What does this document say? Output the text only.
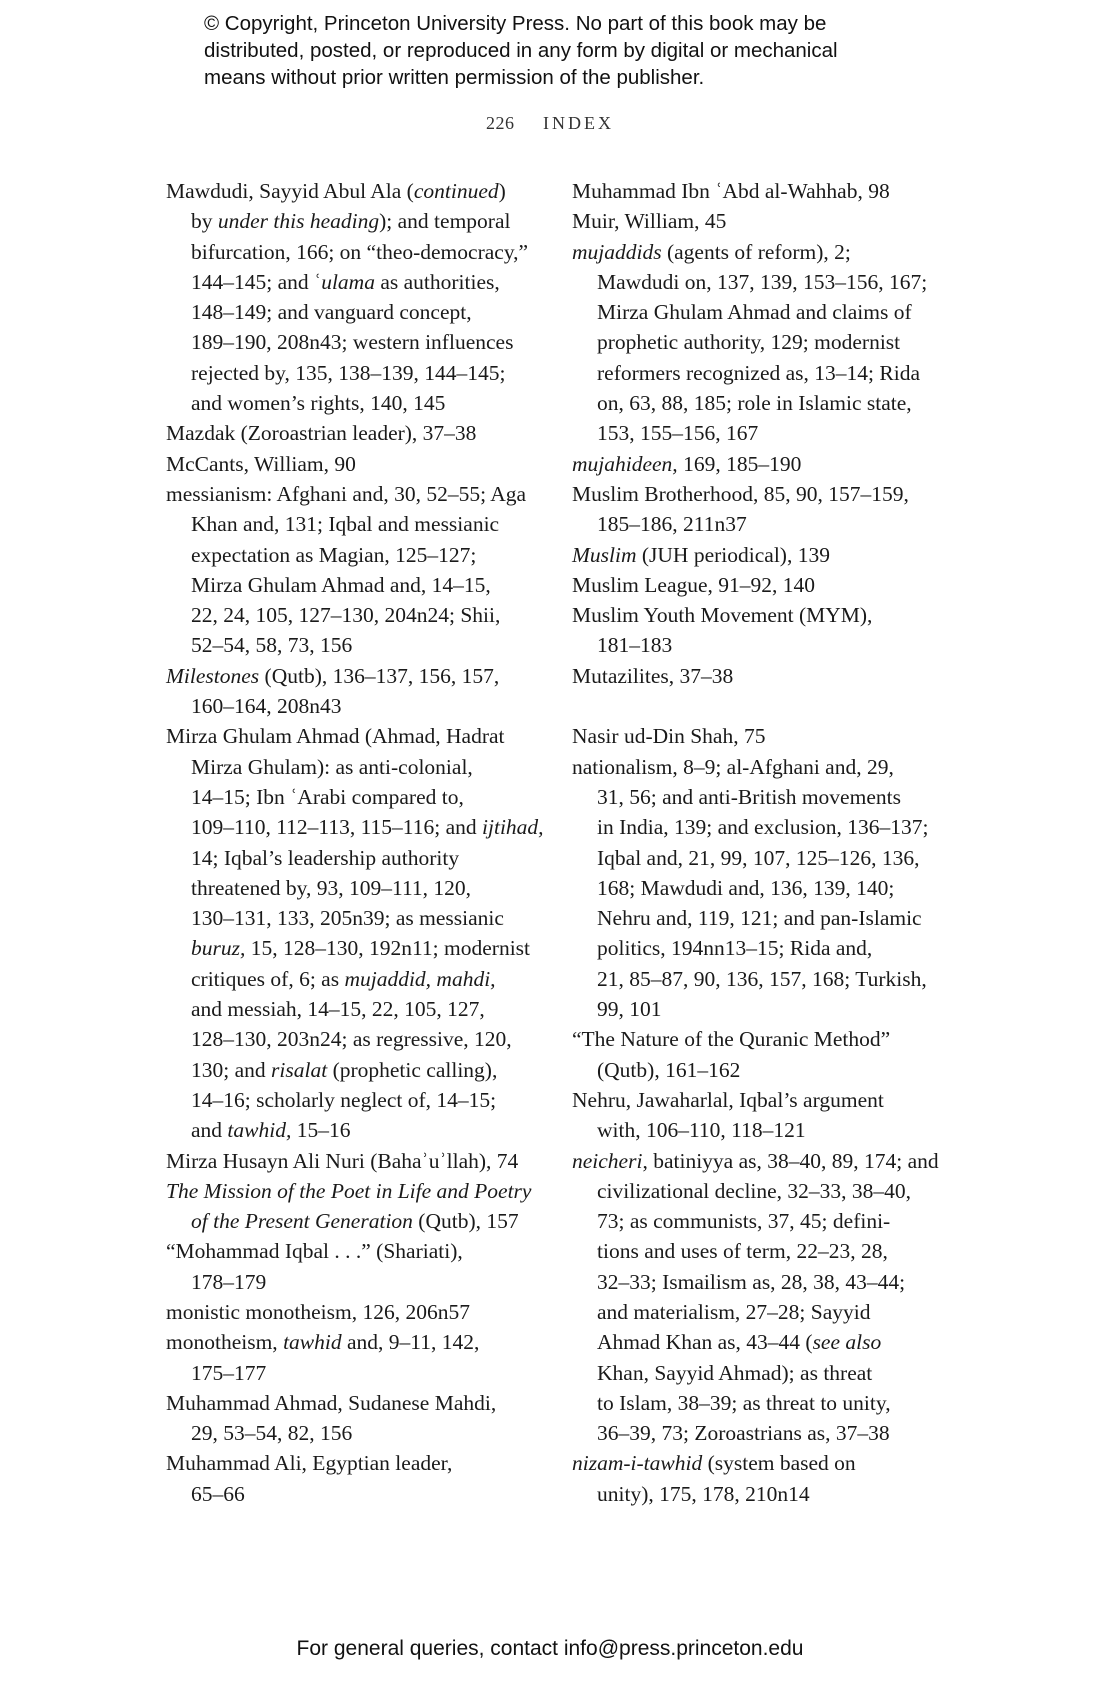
© Copyright, Princeton University Press. No part of this book may be
distributed, posted, or reproduced in any form by digital or mechanical
means without prior written permission of the publisher.
226 INDEX
Mawdudi, Sayyid Abul Ala (continued)
by under this heading); and temporal
bifurcation, 166; on “theo-democracy,”
144–145; and ʿulama as authorities,
148–149; and vanguard concept,
189–190, 208n43; western influences
rejected by, 135, 138–139, 144–145;
and women’s rights, 140, 145
Mazdak (Zoroastrian leader), 37–38
McCants, William, 90
messianism: Afghani and, 30, 52–55; Aga
Khan and, 131; Iqbal and messianic
expectation as Magian, 125–127;
Mirza Ghulam Ahmad and, 14–15,
22, 24, 105, 127–130, 204n24; Shii,
52–54, 58, 73, 156
Milestones (Qutb), 136–137, 156, 157,
160–164, 208n43
Mirza Ghulam Ahmad (Ahmad, Hadrat
Mirza Ghulam): as anti-colonial,
14–15; Ibn ʿArabi compared to,
109–110, 112–113, 115–116; and ijtihad,
14; Iqbal’s leadership authority
threatened by, 93, 109–111, 120,
130–131, 133, 205n39; as messianic
buruz, 15, 128–130, 192n11; modernist
critiques of, 6; as mujaddid, mahdi,
and messiah, 14–15, 22, 105, 127,
128–130, 203n24; as regressive, 120,
130; and risalat (prophetic calling),
14–16; scholarly neglect of, 14–15;
and tawhid, 15–16
Mirza Husayn Ali Nuri (Bahaʾuʾllah), 74
The Mission of the Poet in Life and Poetry
of the Present Generation (Qutb), 157
“Mohammad Iqbal . . .” (Shariati),
178–179
monistic monotheism, 126, 206n57
monotheism, tawhid and, 9–11, 142,
175–177
Muhammad Ahmad, Sudanese Mahdi,
29, 53–54, 82, 156
Muhammad Ali, Egyptian leader,
65–66
Muhammad Ibn ʿAbd al-Wahhab, 98
Muir, William, 45
mujaddids (agents of reform), 2;
Mawdudi on, 137, 139, 153–156, 167;
Mirza Ghulam Ahmad and claims of
prophetic authority, 129; modernist
reformers recognized as, 13–14; Rida
on, 63, 88, 185; role in Islamic state,
153, 155–156, 167
mujahideen, 169, 185–190
Muslim Brotherhood, 85, 90, 157–159,
185–186, 211n37
Muslim (JUH periodical), 139
Muslim League, 91–92, 140
Muslim Youth Movement (MYM),
181–183
Mutazilites, 37–38
Nasir ud-Din Shah, 75
nationalism, 8–9; al-Afghani and, 29,
31, 56; and anti-British movements
in India, 139; and exclusion, 136–137;
Iqbal and, 21, 99, 107, 125–126, 136,
168; Mawdudi and, 136, 139, 140;
Nehru and, 119, 121; and pan-Islamic
politics, 194nn13–15; Rida and,
21, 85–87, 90, 136, 157, 168; Turkish,
99, 101
“The Nature of the Quranic Method”
(Qutb), 161–162
Nehru, Jawaharlal, Iqbal’s argument
with, 106–110, 118–121
neicheri, batiniyya as, 38–40, 89, 174; and
civilizational decline, 32–33, 38–40,
73; as communists, 37, 45; defini-
tions and uses of term, 22–23, 28,
32–33; Ismailism as, 28, 38, 43–44;
and materialism, 27–28; Sayyid
Ahmad Khan as, 43–44 (see also
Khan, Sayyid Ahmad); as threat
to Islam, 38–39; as threat to unity,
36–39, 73; Zoroastrians as, 37–38
nizam-i-tawhid (system based on
unity), 175, 178, 210n14
For general queries, contact info@press.princeton.edu
